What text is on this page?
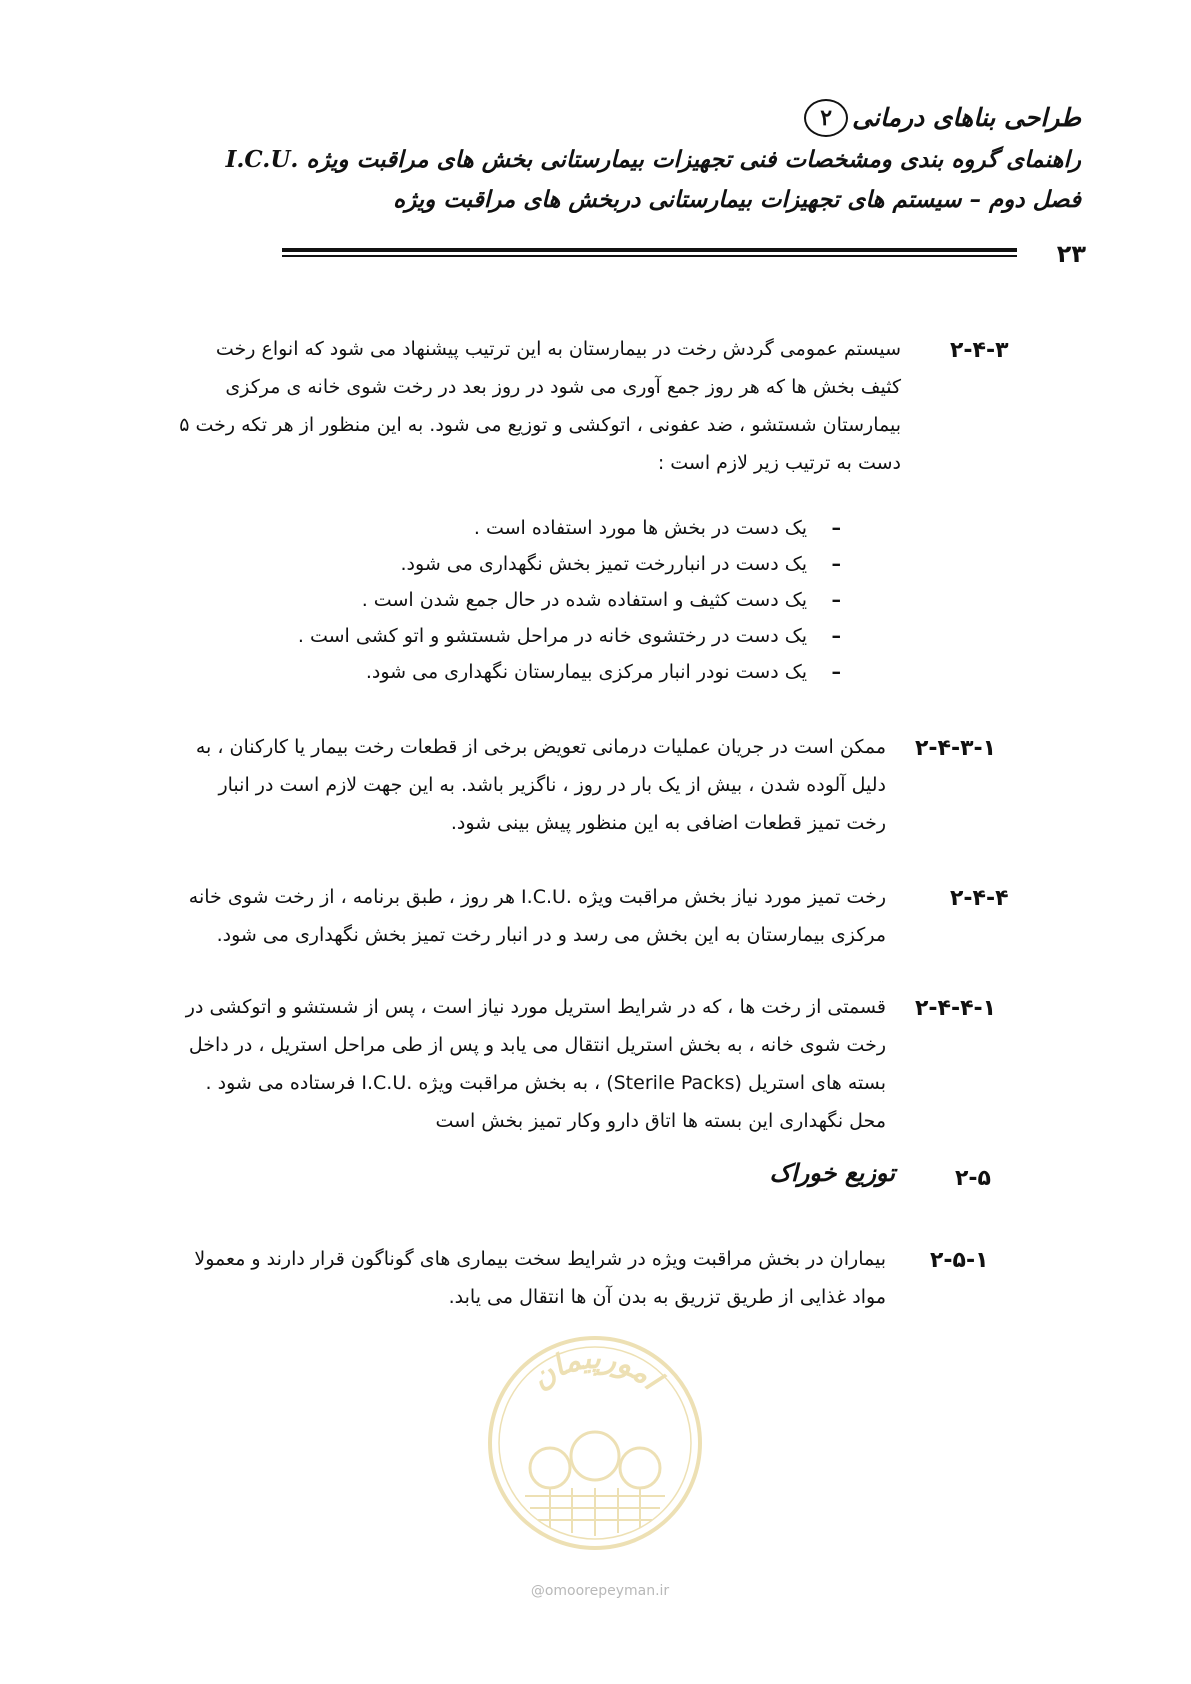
طراحی بناهای درمانی
۲
راهنمای گروه بندی ومشخصات فنی تجهیزات بیمارستانی بخش های مراقبت ویژه .I.C.U
فصل دوم – سیستم های تجهیزات بیمارستانی دربخش های مراقبت ویژه
۲۳
۲-۴-۳
سیستم عمومی گردش رخت در بیمارستان به این ترتیب پیشنهاد می شود که انواع رخت
کثیف بخش ها که هر روز جمع آوری می شود در روز بعد در رخت شوی خانه ی مرکزی
بیمارستان شستشو ، ضد عفونی ، اتوکشی و توزیع می شود. به این منظور از هر تکه رخت ۵
دست به ترتیب زیر لازم است :
–یک دست در بخش ها مورد استفاده است .
–یک دست در انباررخت تمیز بخش نگهداری می شود.
–یک دست کثیف و استفاده شده در حال جمع شدن است .
–یک دست در رختشوی خانه در مراحل شستشو و اتو کشی است .
–یک دست نودر انبار مرکزی بیمارستان نگهداری می شود.
۲-۴-۳-۱
ممکن است در جریان عملیات درمانی تعویض برخی از قطعات رخت بیمار یا کارکنان ، به
دلیل آلوده شدن ، بیش از یک بار در روز ، ناگزیر باشد. به این جهت لازم است در انبار
رخت تمیز قطعات اضافی به این منظور پیش بینی شود.
۲-۴-۴
رخت تمیز مورد نیاز بخش مراقبت ویژه .I.C.U هر روز ، طبق برنامه ، از رخت شوی خانه
مرکزی بیمارستان به این بخش می رسد و در انبار رخت تمیز بخش نگهداری می شود.
۲-۴-۴-۱
قسمتی از رخت ها ، که در شرایط استریل مورد نیاز است ، پس از شستشو و اتوکشی در
رخت شوی خانه ، به بخش استریل انتقال می یابد و پس از طی مراحل استریل ، در داخل
بسته های استریل (Sterile Packs) ، به بخش مراقبت ویژه .I.C.U فرستاده می شود .
محل نگهداری این بسته ها اتاق دارو وکار تمیز بخش است
۲-۵
توزیع خوراک
۲-۵-۱
بیماران در بخش مراقبت ویژه در شرایط سخت بیماری های گوناگون قرار دارند و معمولا
مواد غذایی از طریق تزریق به بدن آن ها انتقال می یابد.
امورپیمان
@omoorepeyman.ir
